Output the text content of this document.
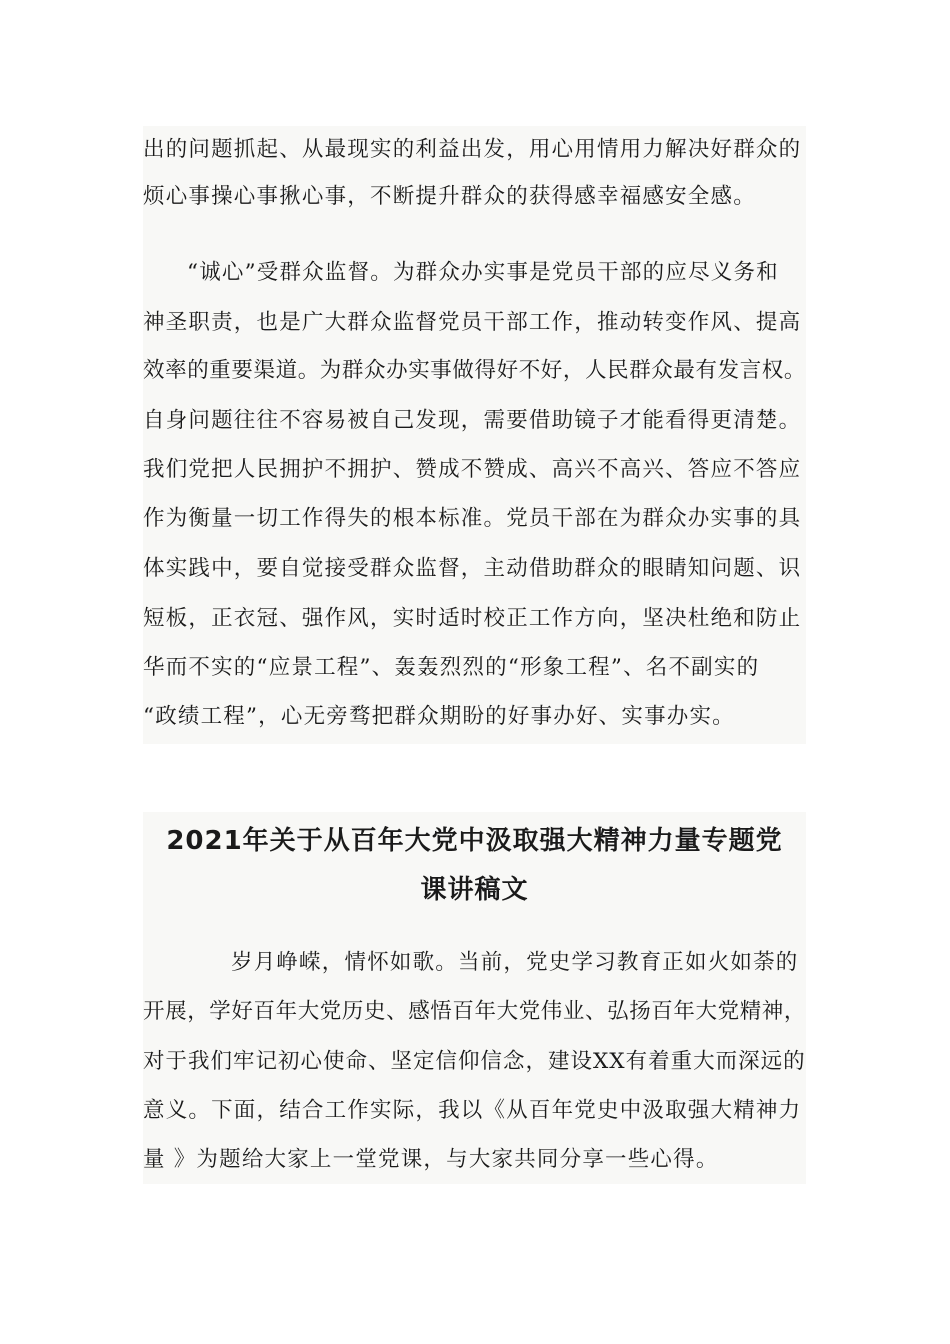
出的问题抓起、从最现实的利益出发，用心用情用力解决好群众的
烦心事操心事揪心事，不断提升群众的获得感幸福感安全感。
“诚心”受群众监督。为群众办实事是党员干部的应尽义务和
神圣职责，也是广大群众监督党员干部工作，推动转变作风、提高
效率的重要渠道。为群众办实事做得好不好，人民群众最有发言权。
自身问题往往不容易被自己发现，需要借助镜子才能看得更清楚。
我们党把人民拥护不拥护、赞成不赞成、高兴不高兴、答应不答应
作为衡量一切工作得失的根本标准。党员干部在为群众办实事的具
体实践中，要自觉接受群众监督，主动借助群众的眼睛知问题、识
短板，正衣冠、强作风，实时适时校正工作方向，坚决杜绝和防止
华而不实的“应景工程”、轰轰烈烈的“形象工程”、名不副实的
“政绩工程”，心无旁骛把群众期盼的好事办好、实事办实。
2021年关于从百年大党中汲取强大精神力量专题党
课讲稿文
岁月峥嵘，情怀如歌。当前，党史学习教育正如火如荼的
开展，学好百年大党历史、感悟百年大党伟业、弘扬百年大党精神，
对于我们牢记初心使命、坚定信仰信念，建设XX有着重大而深远的
意义。下面，结合工作实际，我以《从百年党史中汲取强大精神力
量 》为题给大家上一堂党课，与大家共同分享一些心得。
